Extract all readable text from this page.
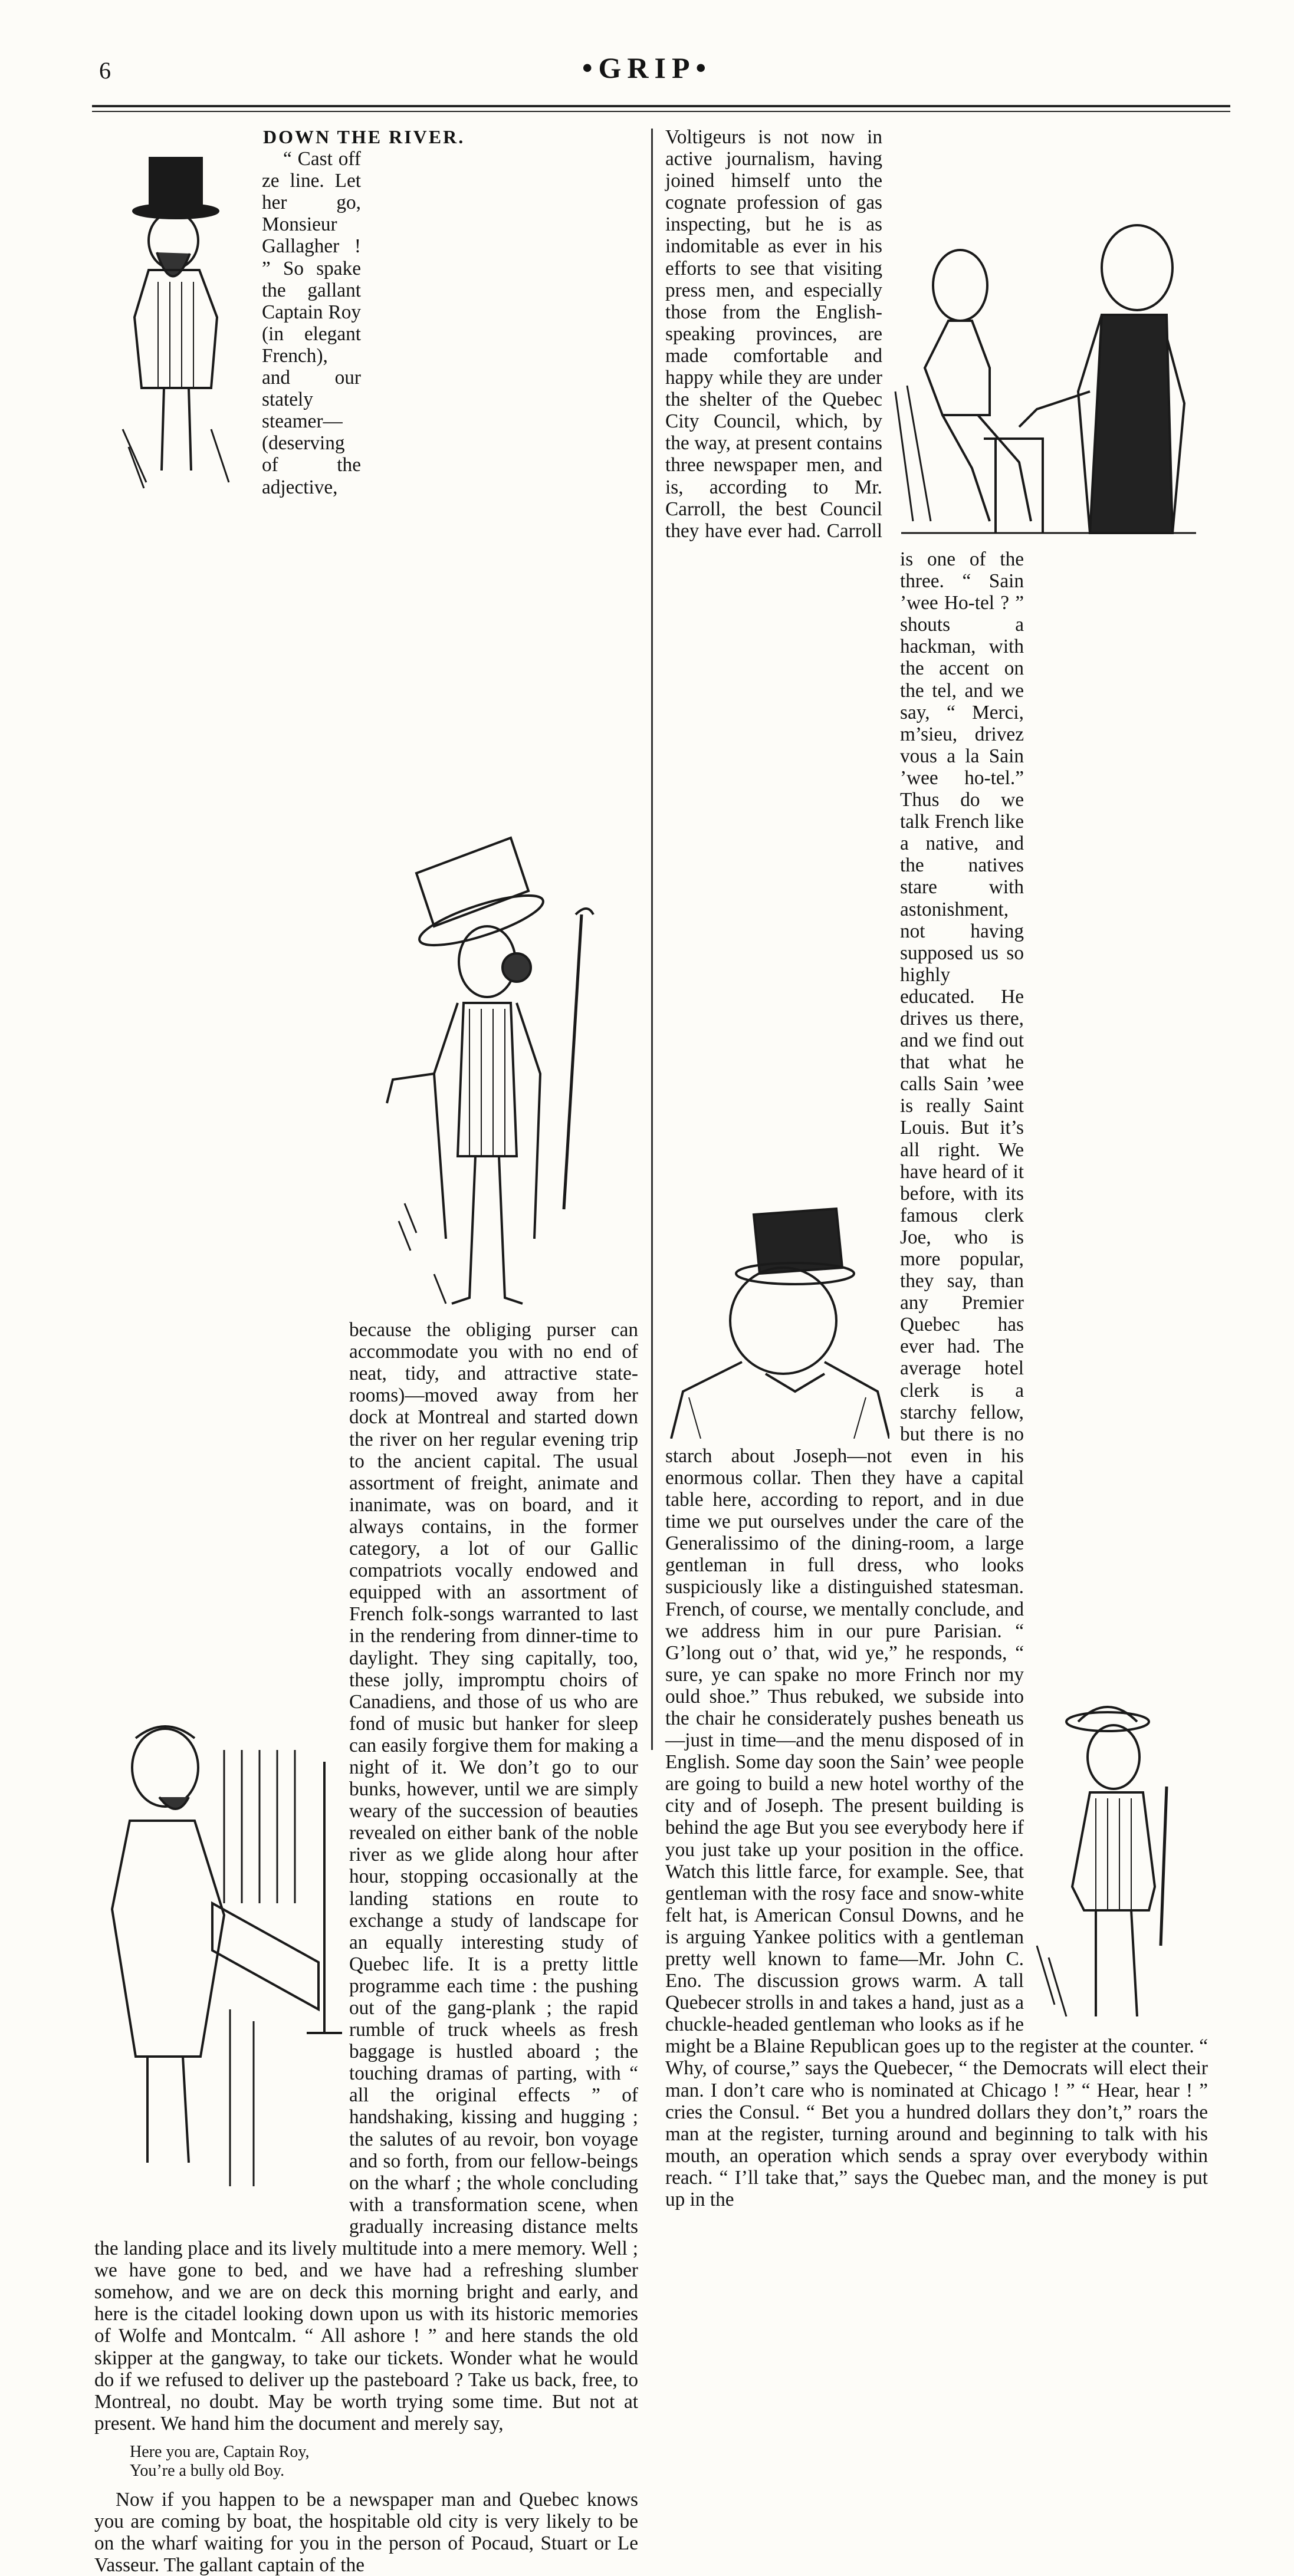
6	•GRIP•

DOWN THE RIVER.

“ Cast off ze line. Let her go, Monsieur Gallagher ! ” So spake the gallant Captain Roy (in elegant French), and our stately steamer—(deserving of the adjective, because the obliging purser can accommodate you with no end of neat, tidy, and attractive state-rooms)—moved away from her dock at Montreal and started down the river on her regular evening trip to the ancient capital. The usual assortment of freight, animate and inanimate, was on board, and it always contains, in the former category, a lot of our Gallic compatriots vocally endowed and equipped with an assortment of French folk-songs warranted to last in the rendering from dinner-time to daylight. They sing capitally, too, these jolly, impromptu choirs of Canadiens, and those of us who are fond of music but hanker for sleep can easily forgive them for making a night of it. We don’t go to our bunks, however, until we are simply weary of the succession of beauties revealed on either bank of the noble river as we glide along hour after hour, stopping occasionally at the landing stations en route to exchange a study of landscape for an equally interesting study of Quebec life. It is a pretty little programme each time : the pushing out of the gang-plank ; the rapid rumble of truck wheels as fresh baggage is hustled aboard ; the touching dramas of parting, with “ all the original effects ” of handshaking, kissing and hugging ; the salutes of au revoir, bon voyage and so forth, from our fellow-beings on the wharf ; the whole concluding with a transformation scene, when gradually increasing distance melts the landing place and its lively multitude into a mere memory. Well ; we have gone to bed, and we have had a refreshing slumber somehow, and we are on deck this morning bright and early, and here is the citadel looking down upon us with its historic memories of Wolfe and Montcalm. “ All ashore ! ” and here stands the old skipper at the gangway, to take our tickets. Wonder what he would do if we refused to deliver up the pasteboard ? Take us back, free, to Montreal, no doubt. May be worth trying some time. But not at present. We hand him the document and merely say,

Here you are, Captain Roy,
You’re a bully old Boy.

Now if you happen to be a newspaper man and Quebec knows you are coming by boat, the hospitable old city is very likely to be on the wharf waiting for you in the person of Pocaud, Stuart or Le Vasseur. The gallant captain of the

Voltigeurs is not now in active journalism, having joined himself unto the cognate profession of gas inspecting, but he is as indomitable as ever in his efforts to see that visiting press men, and especially those from the English-speaking provinces, are made comfortable and happy while they are under the shelter of the Quebec City Council, which, by the way, at present contains three newspaper men, and is, according to Mr. Carroll, the best Council they have ever had. Carroll is one of the three. “ Sain ’wee Ho-tel ? ” shouts a hackman, with the accent on the tel, and we say, “ Merci, m’sieu, drivez vous a la Sain ’wee ho-tel.” Thus do we talk French like a native, and the natives stare with astonishment, not having supposed us so highly educated. He drives us there, and we find out that what he calls Sain ’wee is really Saint Louis. But it’s all right. We have heard of it before, with its famous clerk Joe, who is more popular, they say, than any Premier Quebec has ever had. The average hotel clerk is a starchy fellow, but there is no starch about Joseph—not even in his enormous collar. Then they have a capital table here, according to report, and in due time we put ourselves under the care of the Generalissimo of the dining-room, a large gentleman in full dress, who looks suspiciously like a distinguished statesman. French, of course, we mentally conclude, and we address him in our pure Parisian. “ G’long out o’ that, wid ye,” he responds, “ sure, ye can spake no more Frinch nor my ould shoe.” Thus rebuked, we subside into the chair he considerately pushes beneath us—just in time—and the menu disposed of in English. Some day soon the Sain’ wee people are going to build a new hotel worthy of the city and of Joseph. The present building is behind the age But you see everybody here if you just take up your position in the office. Watch this little farce, for example. See, that gentleman with the rosy face and snow-white felt hat, is American Consul Downs, and he is arguing Yankee politics with a gentleman pretty well known to fame—Mr. John C. Eno. The discussion grows warm. A tall Quebecer strolls in and takes a hand, just as a chuckle-headed gentleman who looks as if he might be a Blaine Republican goes up to the register at the counter. “ Why, of course,” says the Quebecer, “ the Democrats will elect their man. I don’t care who is nominated at Chicago ! ” “ Hear, hear ! ” cries the Consul. “ Bet you a hundred dollars they don’t,” roars the man at the register, turning around and beginning to talk with his mouth, an operation which sends a spray over everybody within reach. “ I’ll take that,” says the Quebec man, and the money is put up in the
